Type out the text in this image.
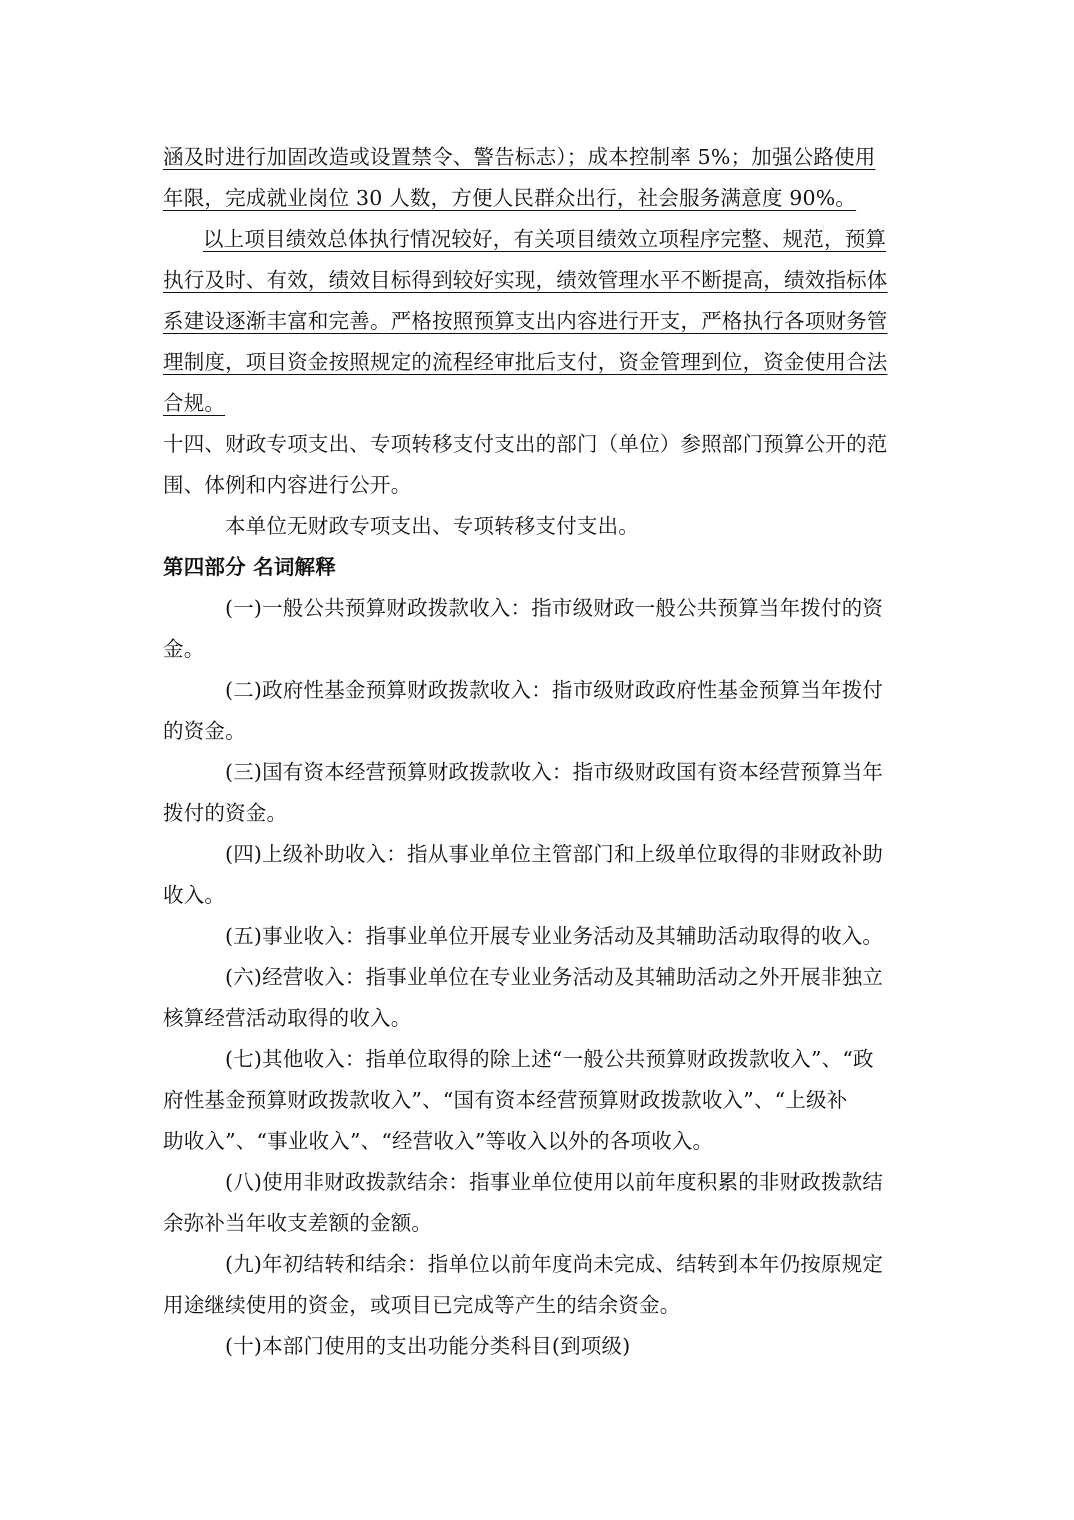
涵及时进行加固改造或设置禁令、警告标志）；成本控制率 5%；加强公路使用

年限，完成就业岗位 30 人数，方便人民群众出行，社会服务满意度 90%。

以上项目绩效总体执行情况较好，有关项目绩效立项程序完整、规范，预算

执行及时、有效，绩效目标得到较好实现，绩效管理水平不断提高，绩效指标体

系建设逐渐丰富和完善。严格按照预算支出内容进行开支，严格执行各项财务管

理制度，项目资金按照规定的流程经审批后支付，资金管理到位，资金使用合法

合规。

十四、财政专项支出、专项转移支付支出的部门（单位）参照部门预算公开的范

围、体例和内容进行公开。

本单位无财政专项支出、专项转移支付支出。

第四部分 名词解释

(一)一般公共预算财政拨款收入：指市级财政一般公共预算当年拨付的资

金。

(二)政府性基金预算财政拨款收入：指市级财政政府性基金预算当年拨付

的资金。

(三)国有资本经营预算财政拨款收入：指市级财政国有资本经营预算当年

拨付的资金。

(四)上级补助收入：指从事业单位主管部门和上级单位取得的非财政补助

收入。

(五)事业收入：指事业单位开展专业业务活动及其辅助活动取得的收入。

(六)经营收入：指事业单位在专业业务活动及其辅助活动之外开展非独立

核算经营活动取得的收入。

(七)其他收入：指单位取得的除上述“一般公共预算财政拨款收入”、“政

府性基金预算财政拨款收入”、“国有资本经营预算财政拨款收入”、“上级补

助收入”、“事业收入”、“经营收入”等收入以外的各项收入。

(八)使用非财政拨款结余：指事业单位使用以前年度积累的非财政拨款结

余弥补当年收支差额的金额。

(九)年初结转和结余：指单位以前年度尚未完成、结转到本年仍按原规定

用途继续使用的资金，或项目已完成等产生的结余资金。

(十)本部门使用的支出功能分类科目(到项级)
